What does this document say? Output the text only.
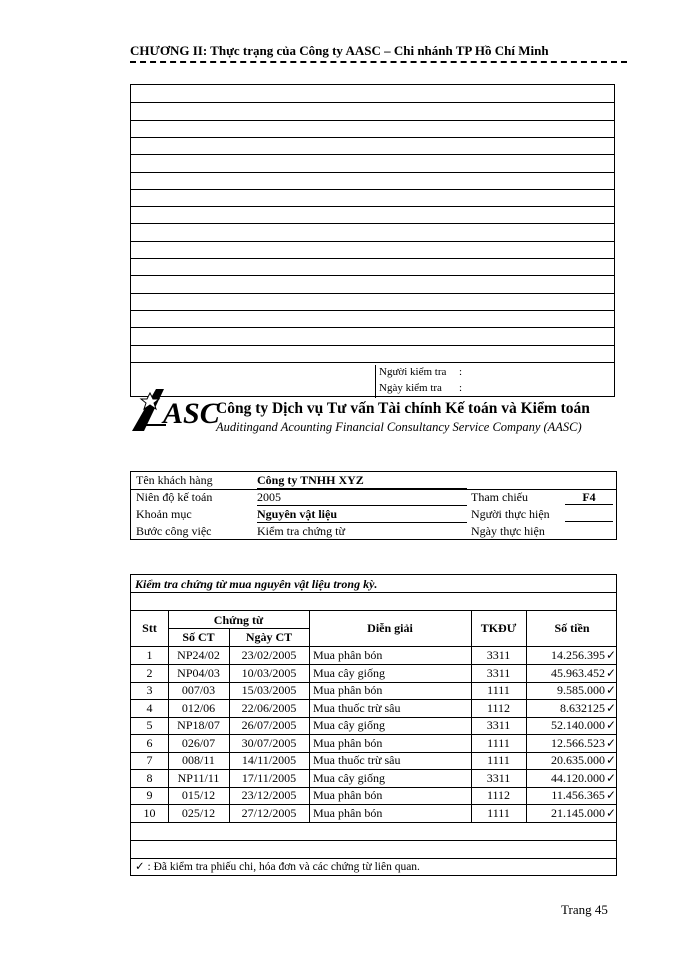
CHƯƠNG II: Thực trạng của Công ty AASC – Chi nhánh TP Hồ Chí Minh
Người kiểm tra :
Ngày kiểm tra :
ASC
Công ty Dịch vụ Tư vấn Tài chính Kế toán và Kiểm toán
Auditingand Acounting Financial Consultancy Service Company (AASC)
Tên khách hàng	Công ty TNHH XYZ
Niên độ kế toán	2005	Tham chiếu	F4
Khoản mục	Nguyên vật liệu	Người thực hiện
Bước công việc	Kiểm tra chứng từ	Ngày thực hiện
Kiểm tra chứng từ mua nguyên vật liệu trong kỳ.
Stt
Chứng từ
Số CT	Ngày CT
Diễn giải	TKĐƯ	Số tiền
1	NP24/02	23/02/2005	Mua phân bón	3311	14.256.395✓
2	NP04/03	10/03/2005	Mua cây giống	3311	45.963.452✓
3	007/03	15/03/2005	Mua phân bón	1111	9.585.000✓
4	012/06	22/06/2005	Mua thuốc trừ sâu	1112	8.632125✓
5	NP18/07	26/07/2005	Mua cây giống	3311	52.140.000✓
6	026/07	30/07/2005	Mua phân bón	1111	12.566.523✓
7	008/11	14/11/2005	Mua thuốc trừ sâu	1111	20.635.000✓
8	NP11/11	17/11/2005	Mua cây giống	3311	44.120.000✓
9	015/12	23/12/2005	Mua phân bón	1112	11.456.365✓
10	025/12	27/12/2005	Mua phân bón	1111	21.145.000✓
✓ : Đã kiểm tra phiếu chi, hóa đơn và các chứng từ liên quan.
Trang 45
